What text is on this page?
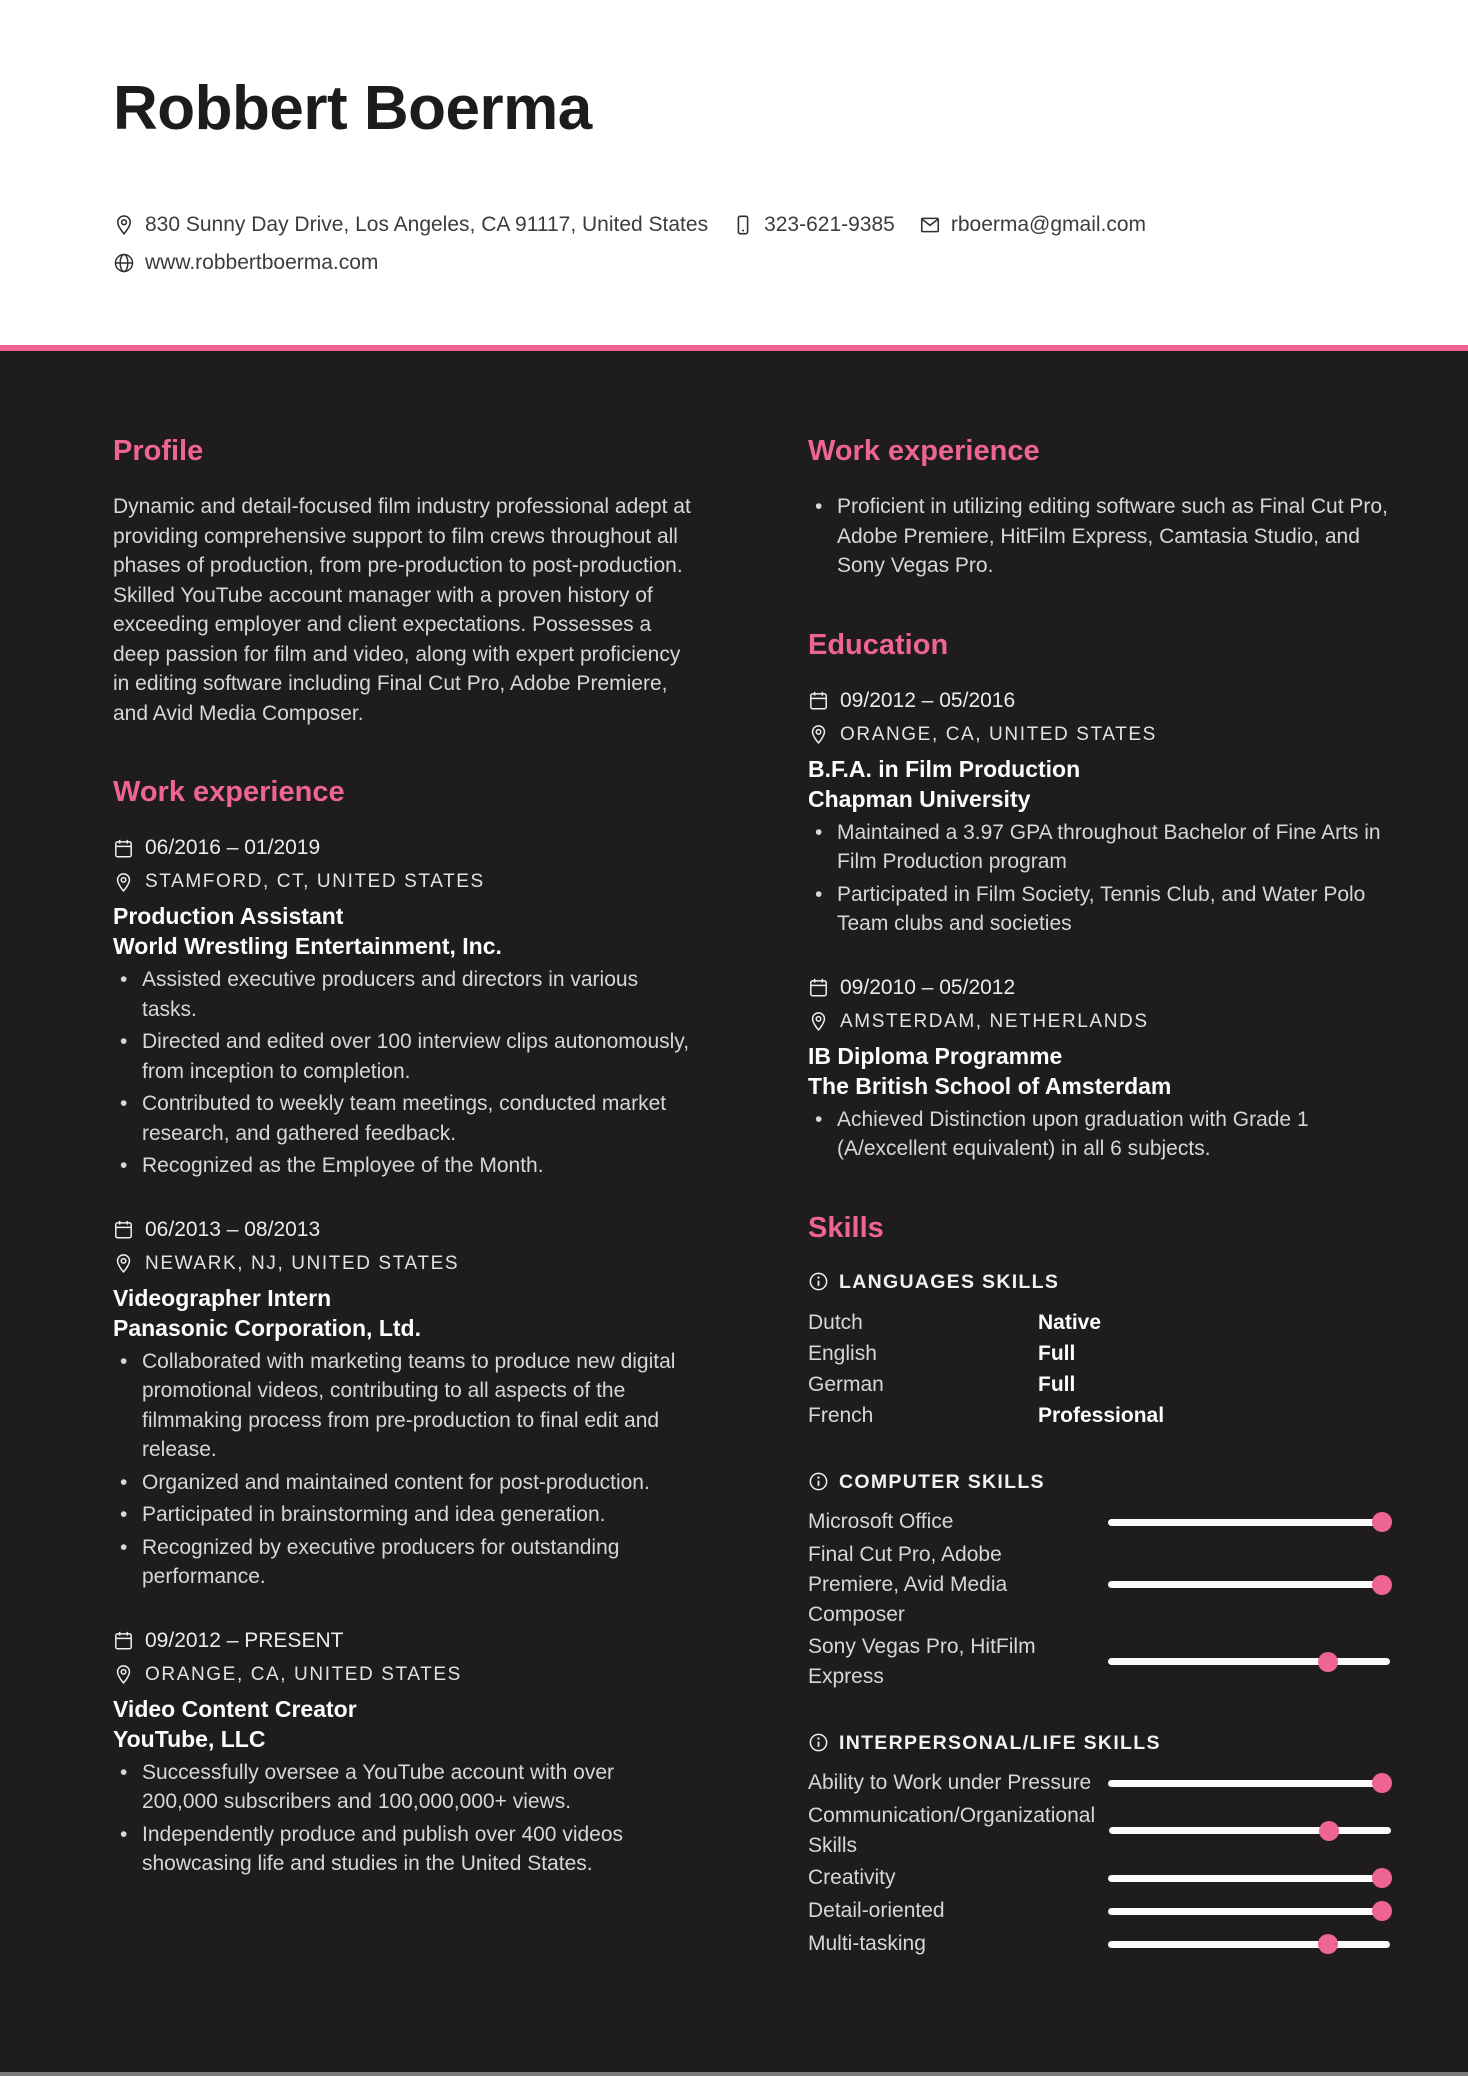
Robbert Boerma
830 Sunny Day Drive, Los Angeles, CA 91117, United States	323-621-9385	rboerma@gmail.com
www.robbertboerma.com
Profile

Dynamic and detail-focused film industry professional adept at providing comprehensive support to film crews throughout all phases of production, from pre-production to post-production. Skilled YouTube account manager with a proven history of exceeding employer and client expectations. Possesses a deep passion for film and video, along with expert proficiency in editing software including Final Cut Pro, Adobe Premiere, and Avid Media Composer.

Work experience
06/2016 – 01/2019
STAMFORD, CT, UNITED STATES
Production Assistant
World Wrestling Entertainment, Inc.
• Assisted executive producers and directors in various tasks.
• Directed and edited over 100 interview clips autonomously, from inception to completion.
• Contributed to weekly team meetings, conducted market research, and gathered feedback.
• Recognized as the Employee of the Month.
06/2013 – 08/2013
NEWARK, NJ, UNITED STATES
Videographer Intern
Panasonic Corporation, Ltd.
• Collaborated with marketing teams to produce new digital promotional videos, contributing to all aspects of the filmmaking process from pre-production to final edit and release.
• Organized and maintained content for post-production.
• Participated in brainstorming and idea generation.
• Recognized by executive producers for outstanding performance.
09/2012 – PRESENT
ORANGE, CA, UNITED STATES
Video Content Creator
YouTube, LLC
• Successfully oversee a YouTube account with over 200,000 subscribers and 100,000,000+ views.
• Independently produce and publish over 400 videos showcasing life and studies in the United States.
Work experience
• Proficient in utilizing editing software such as Final Cut Pro, Adobe Premiere, HitFilm Express, Camtasia Studio, and Sony Vegas Pro.
Education
09/2012 – 05/2016
ORANGE, CA, UNITED STATES
B.F.A. in Film Production
Chapman University
• Maintained a 3.97 GPA throughout Bachelor of Fine Arts in Film Production program
• Participated in Film Society, Tennis Club, and Water Polo Team clubs and societies
09/2010 – 05/2012
AMSTERDAM, NETHERLANDS
IB Diploma Programme
The British School of Amsterdam
• Achieved Distinction upon graduation with Grade 1 (A/excellent equivalent) in all 6 subjects.
Skills
LANGUAGES SKILLS
Dutch	Native
English	Full
German	Full
French	Professional
COMPUTER SKILLS
Microsoft Office
Final Cut Pro, Adobe Premiere, Avid Media Composer
Sony Vegas Pro, HitFilm Express
INTERPERSONAL/LIFE SKILLS
Ability to Work under Pressure
Communication/Organizational Skills
Creativity
Detail-oriented
Multi-tasking
